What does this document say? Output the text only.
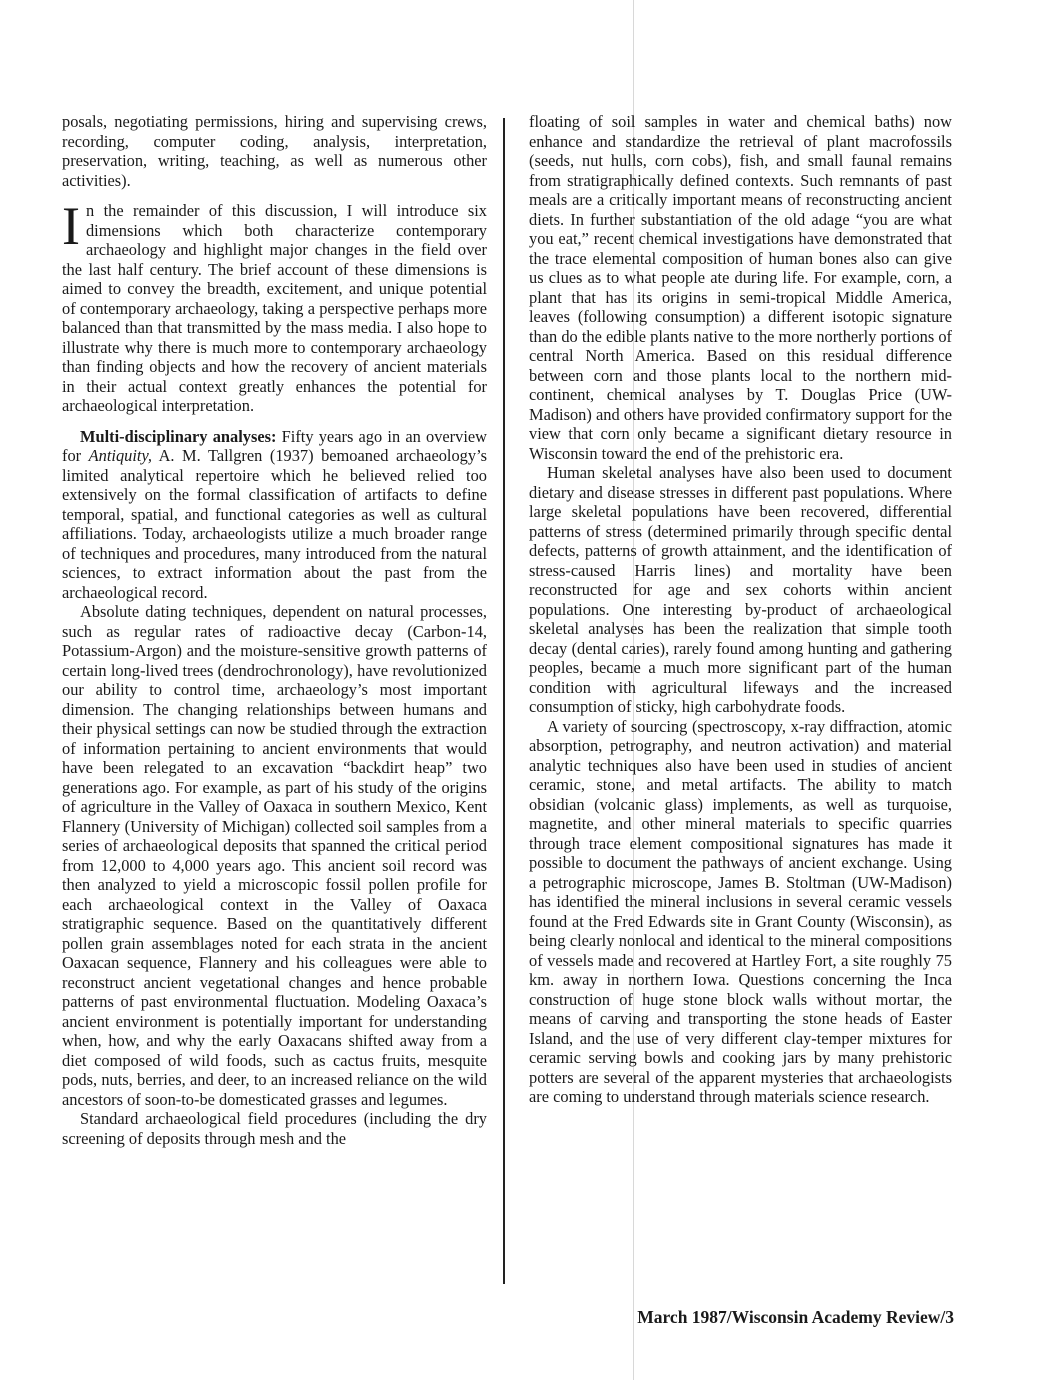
posals, negotiating permissions, hiring and supervising crews, recording, computer coding, analysis, interpretation, preservation, writing, teaching, as well as numerous other activities).

In the remainder of this discussion, I will introduce six dimensions which both characterize contemporary archaeology and highlight major changes in the field over the last half century. The brief account of these dimensions is aimed to convey the breadth, excitement, and unique potential of contemporary archaeology, taking a perspective perhaps more balanced than that transmitted by the mass media. I also hope to illustrate why there is much more to contemporary archaeology than finding objects and how the recovery of ancient materials in their actual context greatly enhances the potential for archaeological interpretation.

Multi-disciplinary analyses: Fifty years ago in an overview for Antiquity, A. M. Tallgren (1937) bemoaned archaeology’s limited analytical repertoire which he believed relied too extensively on the formal classification of artifacts to define temporal, spatial, and functional categories as well as cultural affiliations. Today, archaeologists utilize a much broader range of techniques and procedures, many introduced from the natural sciences, to extract information about the past from the archaeological record.

Absolute dating techniques, dependent on natural processes, such as regular rates of radioactive decay (Carbon-14, Potassium-Argon) and the moisture-sensitive growth patterns of certain long-lived trees (dendrochronology), have revolutionized our ability to control time, archaeology’s most important dimension. The changing relationships between humans and their physical settings can now be studied through the extraction of information pertaining to ancient environments that would have been relegated to an excavation “backdirt heap” two generations ago. For example, as part of his study of the origins of agriculture in the Valley of Oaxaca in southern Mexico, Kent Flannery (University of Michigan) collected soil samples from a series of archaeological deposits that spanned the critical period from 12,000 to 4,000 years ago. This ancient soil record was then analyzed to yield a microscopic fossil pollen profile for each archaeological context in the Valley of Oaxaca stratigraphic sequence. Based on the quantitatively different pollen grain assemblages noted for each strata in the ancient Oaxacan sequence, Flannery and his colleagues were able to reconstruct ancient vegetational changes and hence probable patterns of past environmental fluctuation. Modeling Oaxaca’s ancient environment is potentially important for understanding when, how, and why the early Oaxacans shifted away from a diet composed of wild foods, such as cactus fruits, mesquite pods, nuts, berries, and deer, to an increased reliance on the wild ancestors of soon-to-be domesticated grasses and legumes.

Standard archaeological field procedures (including the dry screening of deposits through mesh and the

floating of soil samples in water and chemical baths) now enhance and standardize the retrieval of plant macrofossils (seeds, nut hulls, corn cobs), fish, and small faunal remains from stratigraphically defined contexts. Such remnants of past meals are a critically important means of reconstructing ancient diets. In further substantiation of the old adage “you are what you eat,” recent chemical investigations have demonstrated that the trace elemental composition of human bones also can give us clues as to what people ate during life. For example, corn, a plant that has its origins in semi-tropical Middle America, leaves (following consumption) a different isotopic signature than do the edible plants native to the more northerly portions of central North America. Based on this residual difference between corn and those plants local to the northern mid-continent, chemical analyses by T. Douglas Price (UW-Madison) and others have provided confirmatory support for the view that corn only became a significant dietary resource in Wisconsin toward the end of the prehistoric era.

Human skeletal analyses have also been used to document dietary and disease stresses in different past populations. Where large skeletal populations have been recovered, differential patterns of stress (determined primarily through specific dental defects, patterns of growth attainment, and the identification of stress-caused Harris lines) and mortality have been reconstructed for age and sex cohorts within ancient populations. One interesting by-product of archaeological skeletal analyses has been the realization that simple tooth decay (dental caries), rarely found among hunting and gathering peoples, became a much more significant part of the human condition with agricultural lifeways and the increased consumption of sticky, high carbohydrate foods.

A variety of sourcing (spectroscopy, x-ray diffraction, atomic absorption, petrography, and neutron activation) and material analytic techniques also have been used in studies of ancient ceramic, stone, and metal artifacts. The ability to match obsidian (volcanic glass) implements, as well as turquoise, magnetite, and other mineral materials to specific quarries through trace element compositional signatures has made it possible to document the pathways of ancient exchange. Using a petrographic microscope, James B. Stoltman (UW-Madison) has identified the mineral inclusions in several ceramic vessels found at the Fred Edwards site in Grant County (Wisconsin), as being clearly nonlocal and identical to the mineral compositions of vessels made and recovered at Hartley Fort, a site roughly 75 km. away in northern Iowa. Questions concerning the Inca construction of huge stone block walls without mortar, the means of carving and transporting the stone heads of Easter Island, and the use of very different clay-temper mixtures for ceramic serving bowls and cooking jars by many prehistoric potters are several of the apparent mysteries that archaeologists are coming to understand through materials science research.

March 1987/Wisconsin Academy Review/3
